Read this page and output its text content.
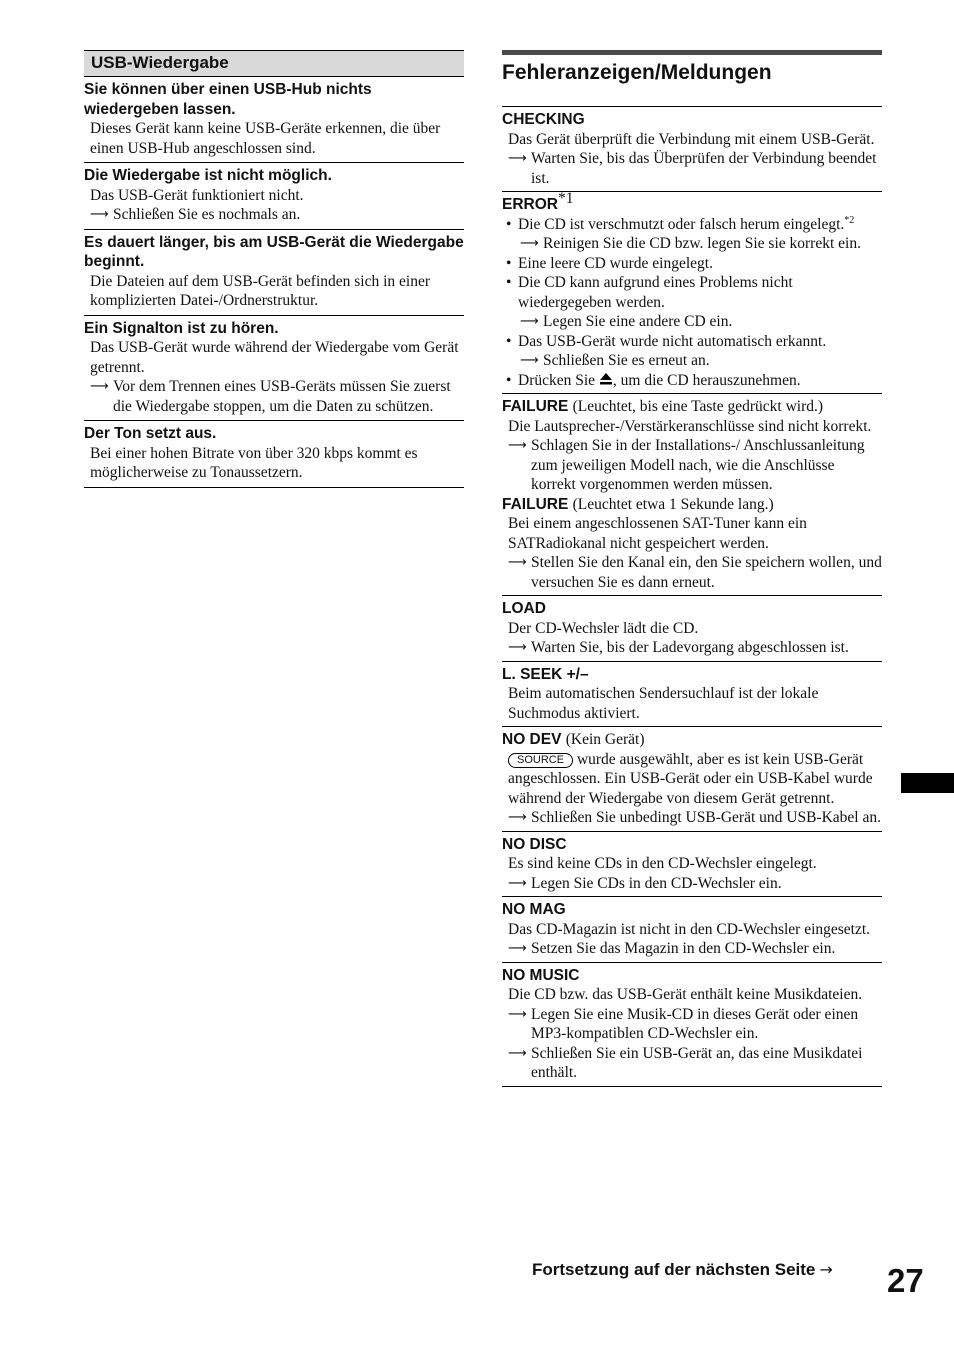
USB-Wiedergabe
Sie können über einen USB-Hub nichts wiedergeben lassen.
Dieses Gerät kann keine USB-Geräte erkennen, die über einen USB-Hub angeschlossen sind.
Die Wiedergabe ist nicht möglich.
Das USB-Gerät funktioniert nicht.
⟶ Schließen Sie es nochmals an.
Es dauert länger, bis am USB-Gerät die Wiedergabe beginnt.
Die Dateien auf dem USB-Gerät befinden sich in einer komplizierten Datei-/Ordnerstruktur.
Ein Signalton ist zu hören.
Das USB-Gerät wurde während der Wiedergabe vom Gerät getrennt.
⟶ Vor dem Trennen eines USB-Geräts müssen Sie zuerst die Wiedergabe stoppen, um die Daten zu schützen.
Der Ton setzt aus.
Bei einer hohen Bitrate von über 320 kbps kommt es möglicherweise zu Tonaussetzern.
Fehleranzeigen/Meldungen
CHECKING
Das Gerät überprüft die Verbindung mit einem USB-Gerät.
⟶ Warten Sie, bis das Überprüfen der Verbindung beendet ist.
ERROR$^{*1}$
• Die CD ist verschmutzt oder falsch herum eingelegt.$^{*2}$
⟶ Reinigen Sie die CD bzw. legen Sie sie korrekt ein.
• Eine leere CD wurde eingelegt.
• Die CD kann aufgrund eines Problems nicht wiedergegeben werden.
⟶ Legen Sie eine andere CD ein.
• Das USB-Gerät wurde nicht automatisch erkannt.
⟶ Schließen Sie es erneut an.
• Drücken Sie , um die CD herauszunehmen.
FAILURE (Leuchtet, bis eine Taste gedrückt wird.)
Die Lautsprecher-/Verstärkeranschlüsse sind nicht korrekt.
⟶ Schlagen Sie in der Installations-/ Anschlussanleitung zum jeweiligen Modell nach, wie die Anschlüsse korrekt vorgenommen werden müssen.
FAILURE (Leuchtet etwa 1 Sekunde lang.)
Bei einem angeschlossenen SAT-Tuner kann ein SATRadiokanal nicht gespeichert werden.
⟶ Stellen Sie den Kanal ein, den Sie speichern wollen, und versuchen Sie es dann erneut.
LOAD
Der CD-Wechsler lädt die CD.
⟶ Warten Sie, bis der Ladevorgang abgeschlossen ist.
L. SEEK +/–
Beim automatischen Sendersuchlauf ist der lokale Suchmodus aktiviert.
NO DEV (Kein Gerät)
SOURCE wurde ausgewählt, aber es ist kein USB-Gerät angeschlossen. Ein USB-Gerät oder ein USB-Kabel wurde während der Wiedergabe von diesem Gerät getrennt.
⟶ Schließen Sie unbedingt USB-Gerät und USB-Kabel an.
NO DISC
Es sind keine CDs in den CD-Wechsler eingelegt.
⟶ Legen Sie CDs in den CD-Wechsler ein.
NO MAG
Das CD-Magazin ist nicht in den CD-Wechsler eingesetzt.
⟶ Setzen Sie das Magazin in den CD-Wechsler ein.
NO MUSIC
Die CD bzw. das USB-Gerät enthält keine Musikdateien.
⟶ Legen Sie eine Musik-CD in dieses Gerät oder einen MP3-kompatiblen CD-Wechsler ein.
⟶ Schließen Sie ein USB-Gerät an, das eine Musikdatei enthält.
Fortsetzung auf der nächsten Seite → 27
